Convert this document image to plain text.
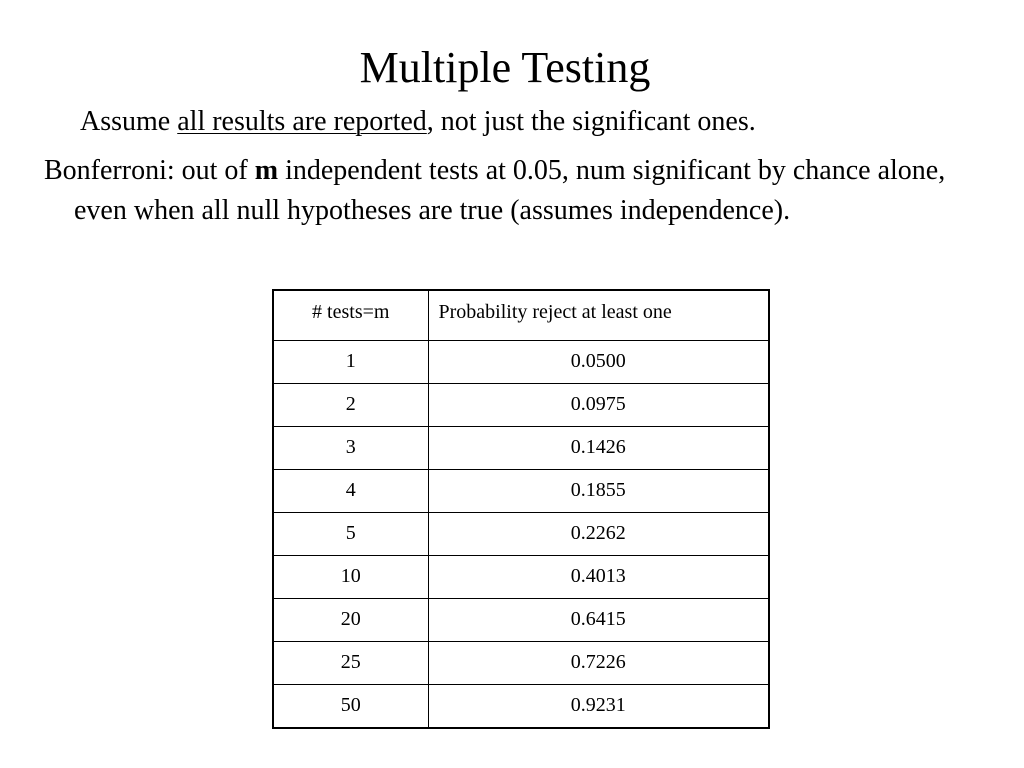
Multiple Testing
Assume all results are reported, not just the significant ones.
Bonferroni: out of m independent tests at 0.05, num significant by chance alone, even when all null hypotheses are true (assumes independence).
# tests=m	Probability reject at least one
1	0.0500
2	0.0975
3	0.1426
4	0.1855
5	0.2262
10	0.4013
20	0.6415
25	0.7226
50	0.9231
